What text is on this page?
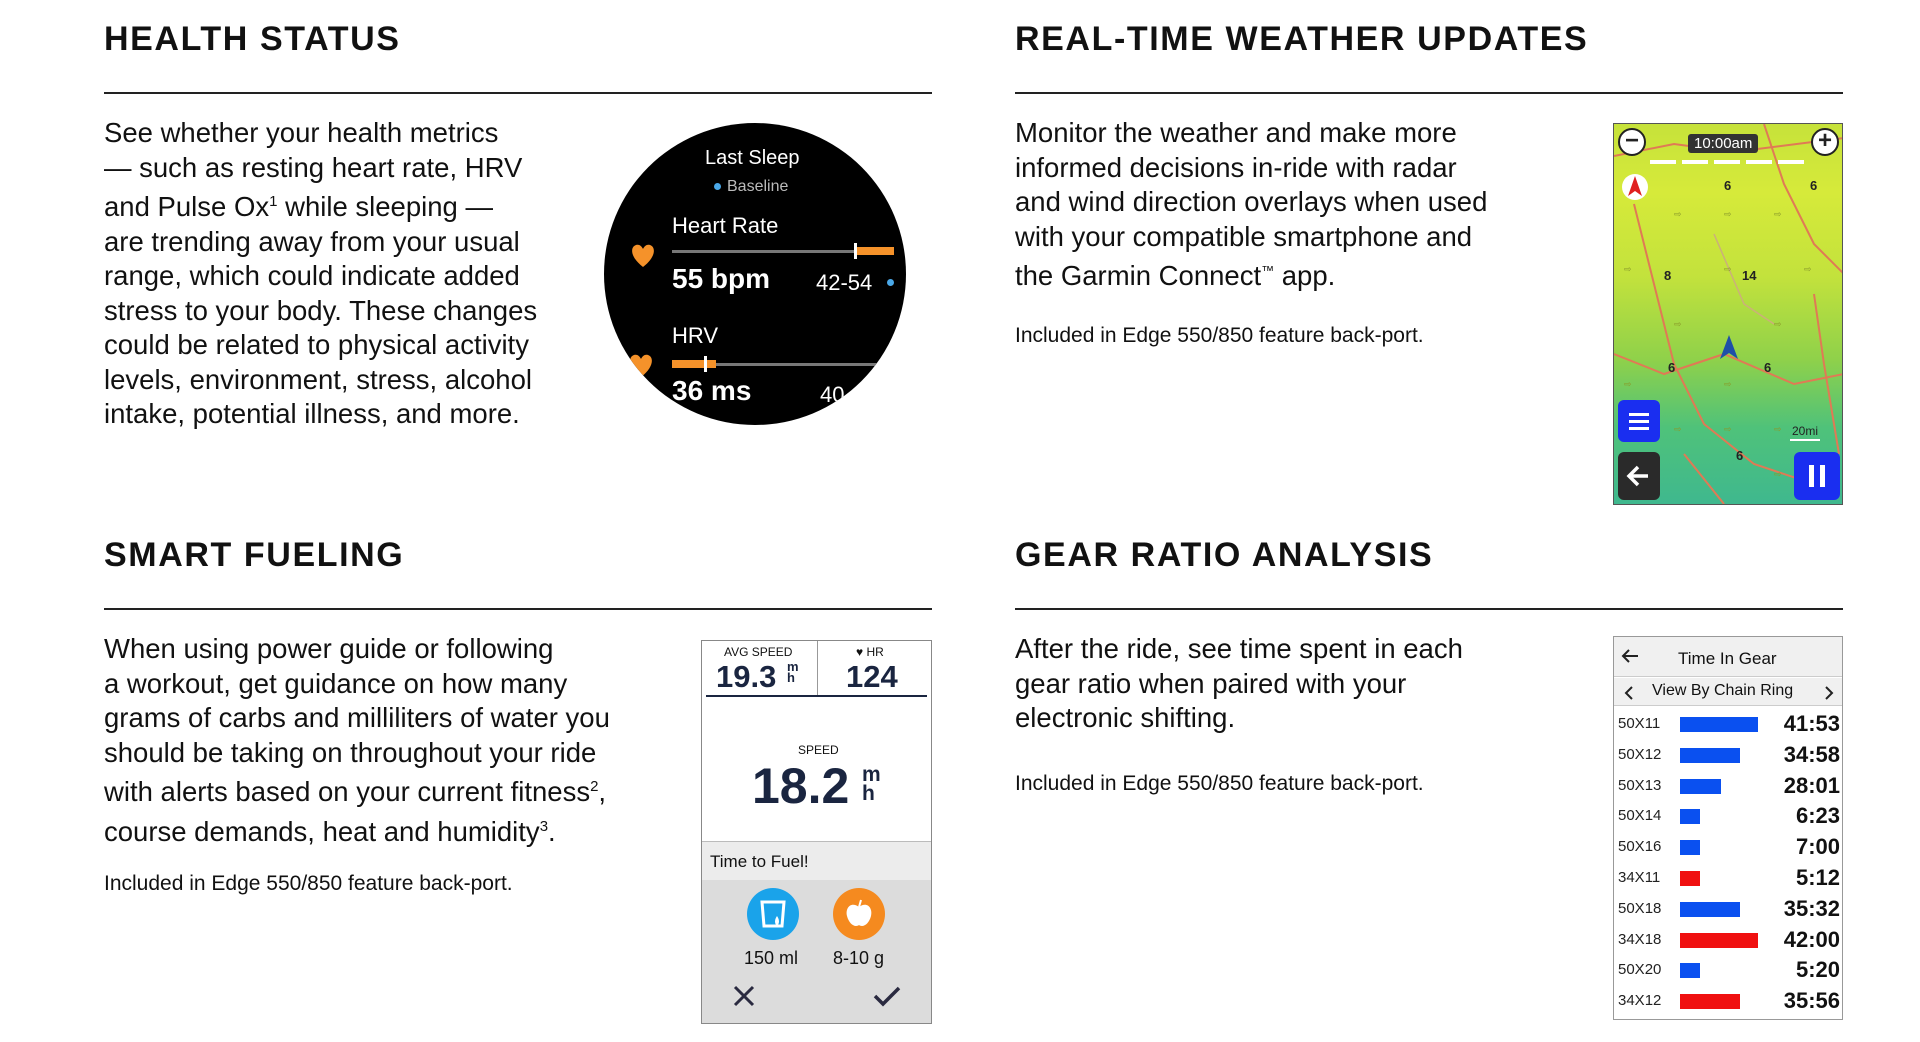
HEALTH STATUS
See whether your health metrics
— such as resting heart rate, HRV
and Pulse Ox$^1$ while sleeping —
are trending away from your usual
range, which could indicate added
stress to your body. These changes
could be related to physical activity
levels, environment, stress, alcohol
intake, potential illness, and more.
Last Sleep
Baseline
Heart Rate
55 bpm 42-54
HRV
zz 36 ms	40
REAL-TIME WEATHER UPDATES
Monitor the weather and make more
informed decisions in-ride with radar
and wind direction overlays when used
with your compatible smartphone and
the Garmin Connect™ app.
Included in Edge 550/850 feature back-port.
⇨	⇨	⇨
⇨	⇨	⇨
⇨	⇨
⇨	⇨
⇨	⇨	⇨
⇨
−	+
10:00am
6	6
8	14
6	6
6
20mi
SMART FUELING
When using power guide or following
a workout, get guidance on how many
grams of carbs and milliliters of water you
should be taking on throughout your ride
with alerts based on your current fitness$^2$,
course demands, heat and humidity$^3$.
Included in Edge 550/850 feature back-port.
AVG SPEED
19.3 m
h
♥ HR
124
SPEED
18.2 m
h
Time to Fuel!
150 ml 8-10 g
GEAR RATIO ANALYSIS
After the ride, see time spent in each
gear ratio when paired with your
electronic shifting.
Included in Edge 550/850 feature back-port.
Time In Gear
View By Chain Ring
50X11	41:53
50X12	34:58
50X13	28:01
50X14	6:23
50X16	7:00
34X11	5:12
50X18	35:32
34X18	42:00
50X20	5:20
34X12	35:56
